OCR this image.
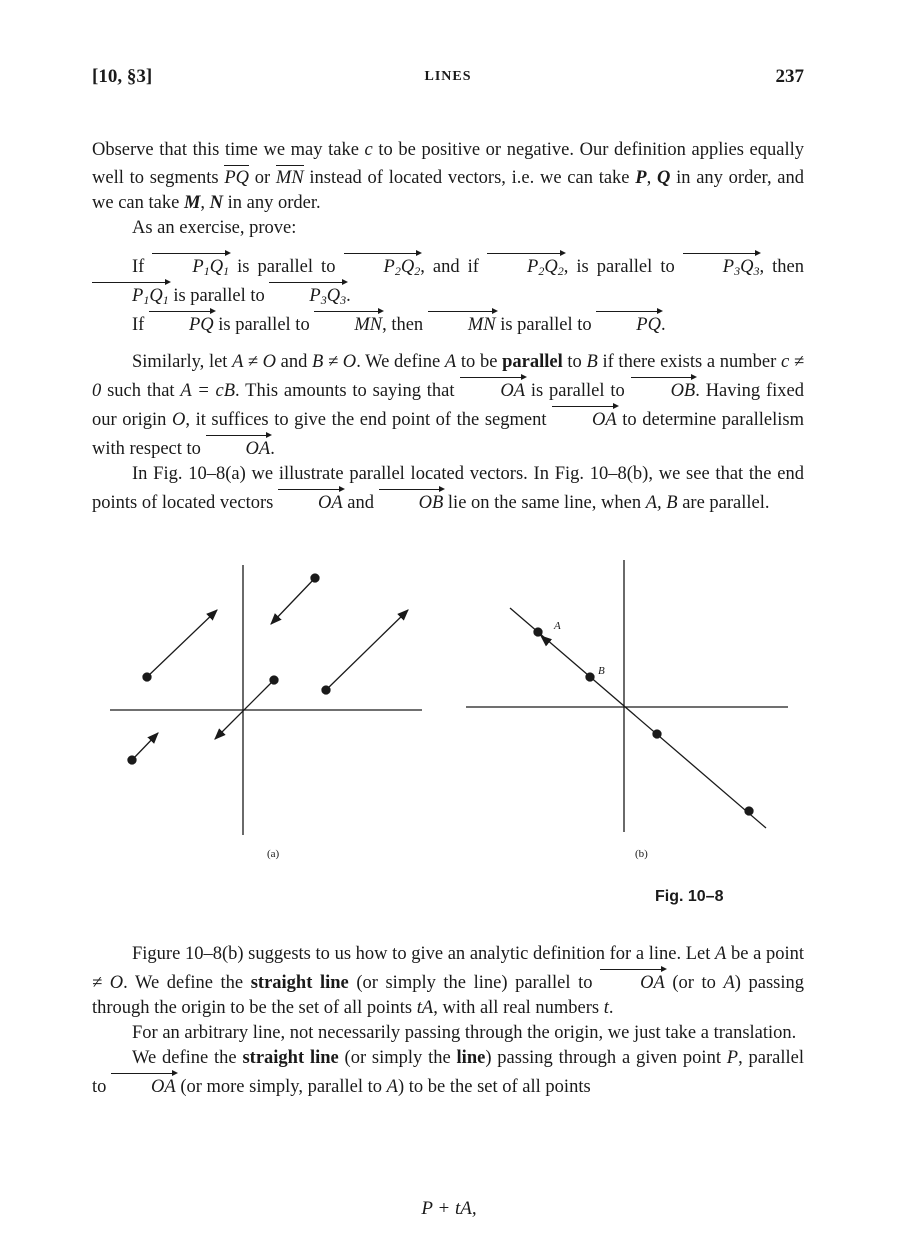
[10, §3]	LINES	237

Observe that this time we may take c to be positive or negative. Our definition applies equally well to segments PQ or MN instead of located vectors, i.e. we can take P, Q in any order, and we can take M, N in any order.

As an exercise, prove:

If $P_1Q_1$ is parallel to $P_2Q_2$, and if $P_2Q_2$, is parallel to $P_3Q_3$, then $P_1Q_1$ is parallel to $P_3Q_3$.

If PQ is parallel to MN, then MN is parallel to PQ.

Similarly, let A ≠ O and B ≠ O. We define A to be parallel to B if there exists a number c ≠ 0 such that A = cB. This amounts to saying that OA is parallel to OB. Having fixed our origin O, it suffices to give the end point of the segment OA to determine parallelism with respect to OA.

In Fig. 10–8(a) we illustrate parallel located vectors. In Fig. 10–8(b), we see that the end points of located vectors OA and OB lie on the same line, when A, B are parallel.

A
B
(a)	(b)
Fig. 10–8

Figure 10–8(b) suggests to us how to give an analytic definition for a line. Let A be a point ≠ O. We define the straight line (or simply the line) parallel to OA (or to A) passing through the origin to be the set of all points tA, with all real numbers t.

For an arbitrary line, not necessarily passing through the origin, we just take a translation.

We define the straight line (or simply the line) passing through a given point P, parallel to OA (or more simply, parallel to A) to be the set of all points

P + tA,
